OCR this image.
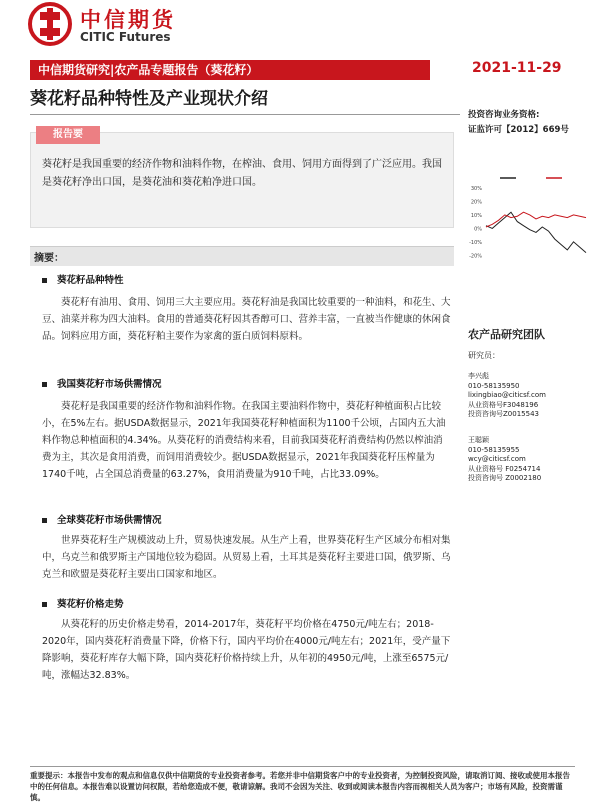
中信期货
CITIC Futures
中信期货研究|农产品专题报告（葵花籽）	2021-11-29
葵花籽品种特性及产业现状介绍
投资咨询业务资格:
证监许可【2012】669号
报告要
葵花籽是我国重要的经济作物和油料作物，在榨油、食用、饲用方面得到了广泛应用。我国是葵花籽净出口国，是葵花油和葵花粕净进口国。
30%
20%
10%
0%
-10%
-20%
摘要：
葵花籽品种特性
葵花籽有油用、食用、饲用三大主要应用。葵花籽油是我国比较重要的一种油料，和花生、大豆、油菜并称为四大油料。食用的普通葵花籽因其香醇可口、营养丰富，一直被当作健康的休闲食品。饲料应用方面，葵花籽粕主要作为家禽的蛋白质饲料原料。
我国葵花籽市场供需情况
葵花籽是我国重要的经济作物和油料作物。在我国主要油料作物中，葵花籽种植面积占比较小，在5%左右。据USDA数据显示，2021年我国葵花籽种植面积为1100千公顷，占国内五大油料作物总种植面积的4.34%。从葵花籽的消费结构来看，目前我国葵花籽消费结构仍然以榨油消费为主，其次是食用消费，而饲用消费较少。据USDA数据显示，2021年我国葵花籽压榨量为1740千吨，占全国总消费量的63.27%，食用消费量为910千吨，占比33.09%。
全球葵花籽市场供需情况
世界葵花籽生产规模波动上升，贸易快速发展。从生产上看，世界葵花籽生产区域分布相对集中，乌克兰和俄罗斯主产国地位较为稳固。从贸易上看，土耳其是葵花籽主要进口国，俄罗斯、乌克兰和欧盟是葵花籽主要出口国家和地区。
葵花籽价格走势
从葵花籽的历史价格走势看，2014-2017年，葵花籽平均价格在4750元/吨左右；2018-2020年，国内葵花籽消费量下降，价格下行，国内平均价在4000元/吨左右；2021年，受产量下降影响，葵花籽库存大幅下降，国内葵花籽价格持续上升，从年初的4950元/吨，上涨至6575元/吨，涨幅达32.83%。
农产品研究团队
研究员：
李兴彪
010-58135950
lixingbiao@citicsf.com
从业资格号F3048196
投资咨询号Z0015543
王聪颖
010-58135955
wcy@citicsf.com
从业资格号 F0254714
投资咨询号 Z0002180
重要提示：本报告中发布的观点和信息仅供中信期货的专业投资者参考。若您并非中信期货客户中的专业投资者，为控制投资风险，请取消订阅、接收或使用本报告中的任何信息。本报告难以设置访问权限，若给您造成不便，敬请谅解。我司不会因为关注、收到或阅读本报告内容而视相关人员为客户；市场有风险，投资需谨慎。
